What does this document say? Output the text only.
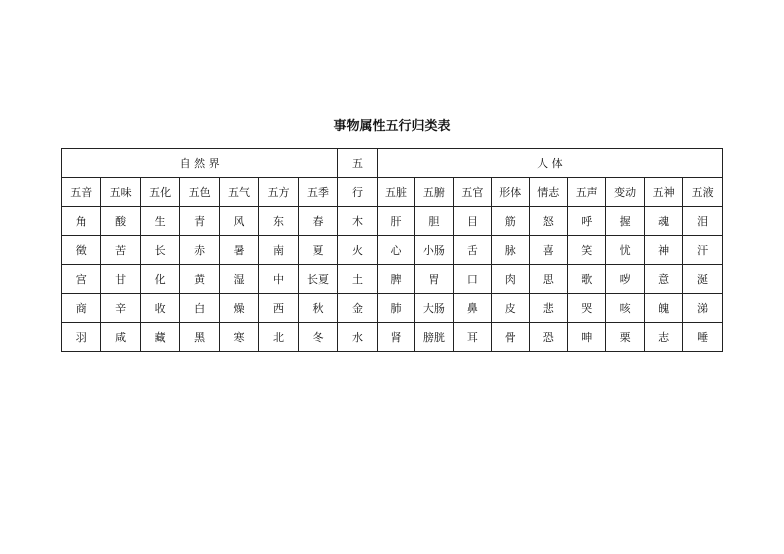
事物属性五行归类表
自 然 界							五	人 体								
五音	五味	五化	五色	五气	五方	五季	行	五脏	五腑	五官	形体	情志	五声	变动	五神	五液
角	酸	生	青	风	东	春	木	肝	胆	目	筋	怒	呼	握	魂	泪
徵	苦	长	赤	暑	南	夏	火	心	小肠	舌	脉	喜	笑	忧	神	汗
宫	甘	化	黄	湿	中	长夏	土	脾	胃	口	肉	思	歌	哕	意	涎
商	辛	收	白	燥	西	秋	金	肺	大肠	鼻	皮	悲	哭	咳	魄	涕
羽	咸	藏	黑	寒	北	冬	水	肾	膀胱	耳	骨	恐	呻	栗	志	唾
